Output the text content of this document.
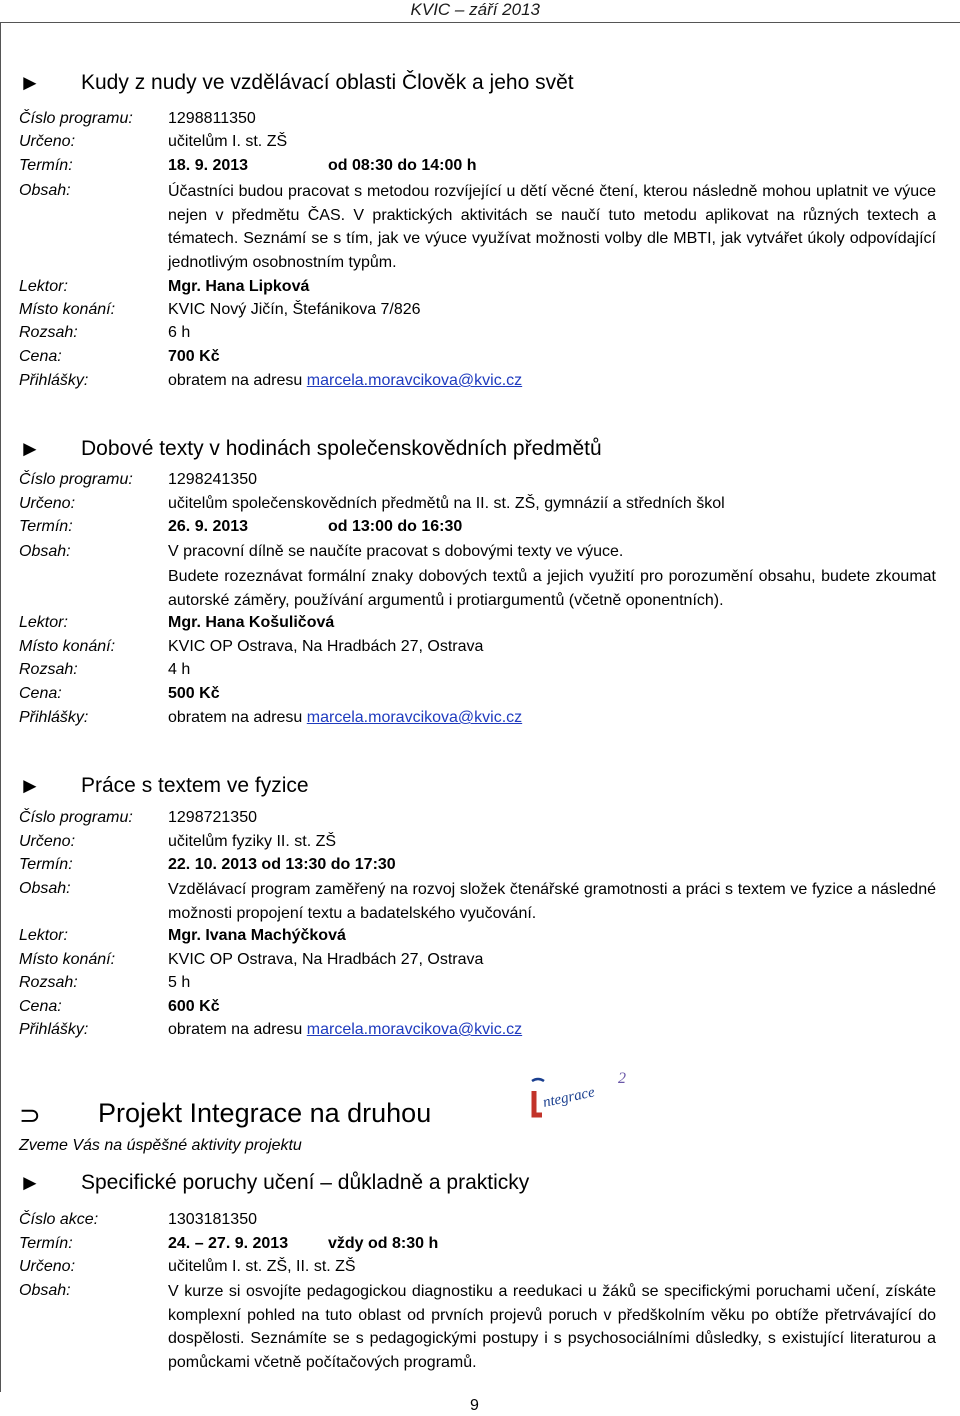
KVIC – září 2013
► Kudy z nudy ve vzdělávací oblasti Člověk a jeho svět
Číslo programu: 1298811350
Určeno:	učitelům I. st. ZŠ
Termín:	18. 9. 2013	od 08:30 do 14:00 h
Obsah:	Účastníci budou pracovat s metodou rozvíjející u dětí věcné čtení, kterou následně mohou uplatnit ve výuce nejen v předmětu ČAS. V praktických aktivitách se naučí tuto metodu aplikovat na různých textech a tématech. Seznámí se s tím, jak ve výuce využívat možnosti volby dle MBTI, jak vytvářet úkoly odpovídající jednotlivým osobnostním typům.
Lektor:	Mgr. Hana Lipková
Místo konání:	KVIC Nový Jičín, Štefánikova 7/826
Rozsah:	6 h
Cena:	700 Kč
Přihlášky:	obratem na adresu marcela.moravcikova@kvic.cz
► Dobové texty v hodinách společenskovědních předmětů
Číslo programu: 1298241350
Určeno:	učitelům společenskovědních předmětů na II. st. ZŠ, gymnázií a středních škol
Termín:	26. 9. 2013	od 13:00 do 16:30
Obsah:	V pracovní dílně se naučíte pracovat s dobovými texty ve výuce.
Budete rozeznávat formální znaky dobových textů a jejich využití pro porozumění obsahu, budete zkoumat autorské záměry, používání argumentů i protiargumentů (včetně oponentních).
Lektor:	Mgr. Hana Košuličová
Místo konání:	KVIC OP Ostrava, Na Hradbách 27, Ostrava
Rozsah:	4 h
Cena:	500 Kč
Přihlášky:	obratem na adresu marcela.moravcikova@kvic.cz
► Práce s textem ve fyzice
Číslo programu: 1298721350
Určeno:	učitelům fyziky II. st. ZŠ
Termín:	22. 10. 2013 od 13:30 do 17:30
Obsah:	Vzdělávací program zaměřený na rozvoj složek čtenářské gramotnosti a práci s textem ve fyzice a následné možnosti propojení textu a badatelského vyučování.
Lektor:	Mgr. Ivana Machýčková
Místo konání:	KVIC OP Ostrava, Na Hradbách 27, Ostrava
Rozsah:	5 h
Cena:	600 Kč
Přihlášky:	obratem na adresu marcela.moravcikova@kvic.cz
⊃ Projekt Integrace na druhou
Zveme Vás na úspěšné aktivity projektu
ntegrace
2
► Specifické poruchy učení – důkladně a prakticky
Číslo akce:	1303181350
Termín:	24. – 27. 9. 2013 vždy od 8:30 h
Určeno:	učitelům I. st. ZŠ, II. st. ZŠ
Obsah:	V kurze si osvojíte pedagogickou diagnostiku a reedukaci u žáků se specifickými poruchami učení, získáte komplexní pohled na tuto oblast od prvních projevů poruch v předškolním věku po obtíže přetrvávající do dospělosti. Seznámíte se s pedagogickými postupy i s psychosociálními důsledky, s existující literaturou a pomůckami včetně počítačových programů.
9
